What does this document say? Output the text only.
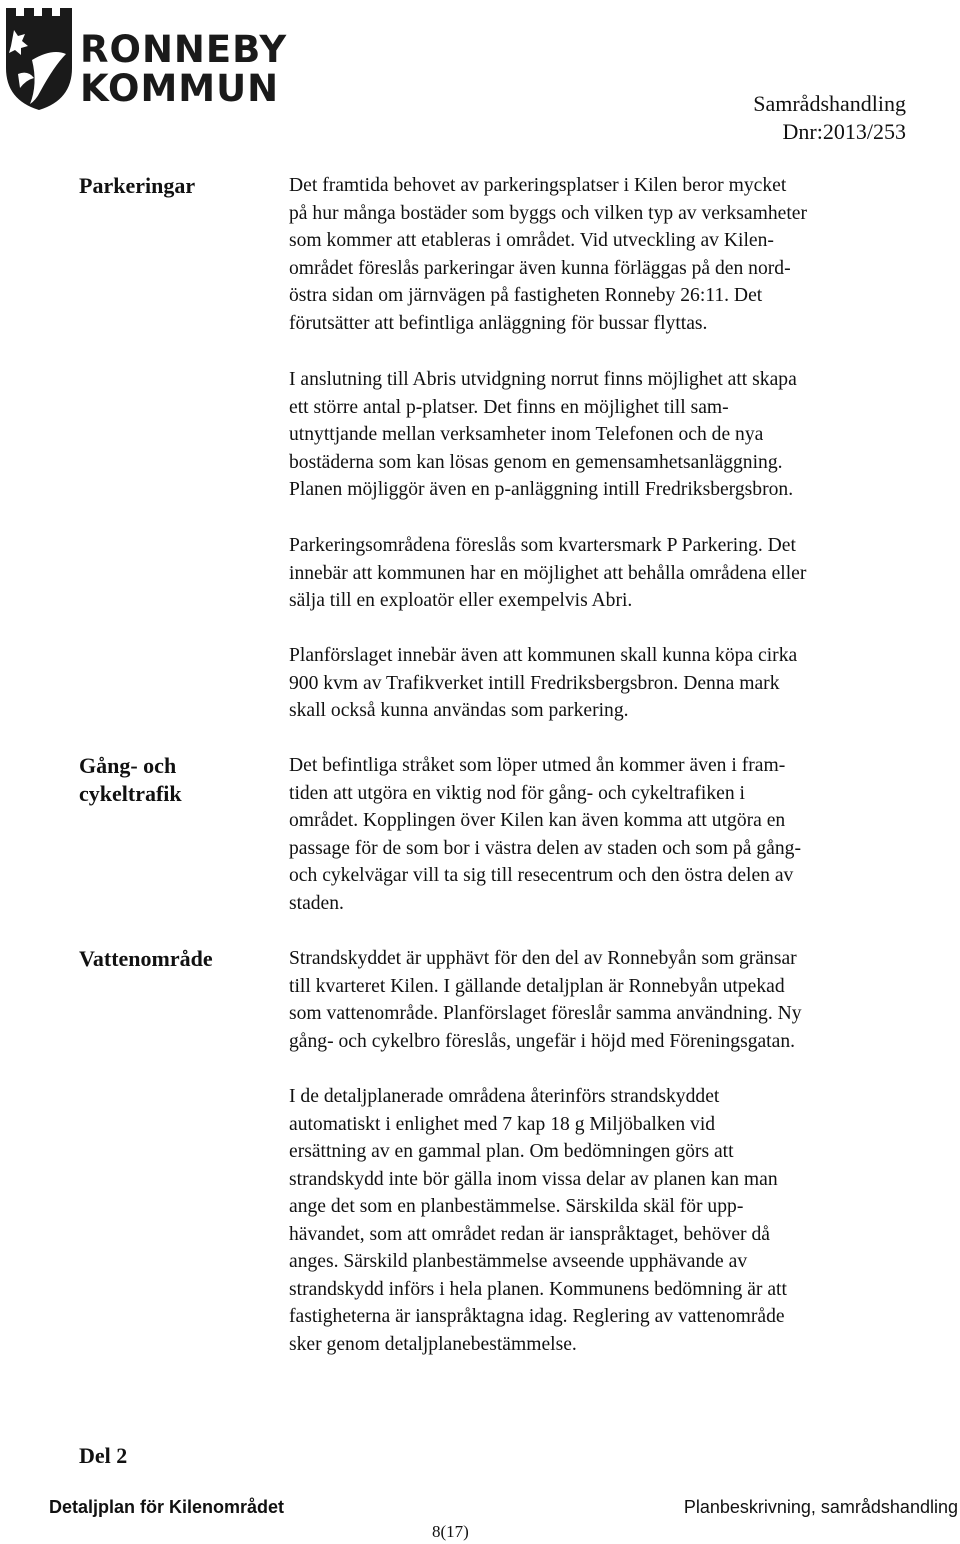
RONNEBY
KOMMUN	Samrådshandling
Dnr:2013/253
Parkeringar	Det framtida behovet av parkeringsplatser i Kilen beror mycket
på hur många bostäder som byggs och vilken typ av verksamheter
som kommer att etableras i området. Vid utveckling av Kilen-
området föreslås parkeringar även kunna förläggas på den nord-
östra sidan om järnvägen på fastigheten Ronneby 26:11. Det
förutsätter att befintliga anläggning för bussar flyttas.
I anslutning till Abris utvidgning norrut finns möjlighet att skapa
ett större antal p-platser. Det finns en möjlighet till sam-
utnyttjande mellan verksamheter inom Telefonen och de nya
bostäderna som kan lösas genom en gemensamhetsanläggning.
Planen möjliggör även en p-anläggning intill Fredriksbergsbron.
Parkeringsområdena föreslås som kvartersmark P Parkering. Det
innebär att kommunen har en möjlighet att behålla områdena eller
sälja till en exploatör eller exempelvis Abri.
Planförslaget innebär även att kommunen skall kunna köpa cirka
900 kvm av Trafikverket intill Fredriksbergsbron. Denna mark
skall också kunna användas som parkering.
Gång- och
cykeltrafik
Det befintliga stråket som löper utmed ån kommer även i fram-
tiden att utgöra en viktig nod för gång- och cykeltrafiken i
området. Kopplingen över Kilen kan även komma att utgöra en
passage för de som bor i västra delen av staden och som på gång-
och cykelvägar vill ta sig till resecentrum och den östra delen av
staden.
Vattenområde	Strandskyddet är upphävt för den del av Ronnebyån som gränsar
till kvarteret Kilen. I gällande detaljplan är Ronnebyån utpekad
som vattenområde. Planförslaget föreslår samma användning. Ny
gång- och cykelbro föreslås, ungefär i höjd med Föreningsgatan.
I de detaljplanerade områdena återinförs strandskyddet
automatiskt i enlighet med 7 kap 18 g Miljöbalken vid
ersättning av en gammal plan. Om bedömningen görs att
strandskydd inte bör gälla inom vissa delar av planen kan man
ange det som en planbestämmelse. Särskilda skäl för upp-
hävandet, som att området redan är ianspråktaget, behöver då
anges. Särskild planbestämmelse avseende upphävande av
strandskydd införs i hela planen. Kommunens bedömning är att
fastigheterna är ianspråktagna idag. Reglering av vattenområde
sker genom detaljplanebestämmelse.
Del 2
Detaljplan för Kilenområdet	Planbeskrivning, samrådshandling
8(17)
